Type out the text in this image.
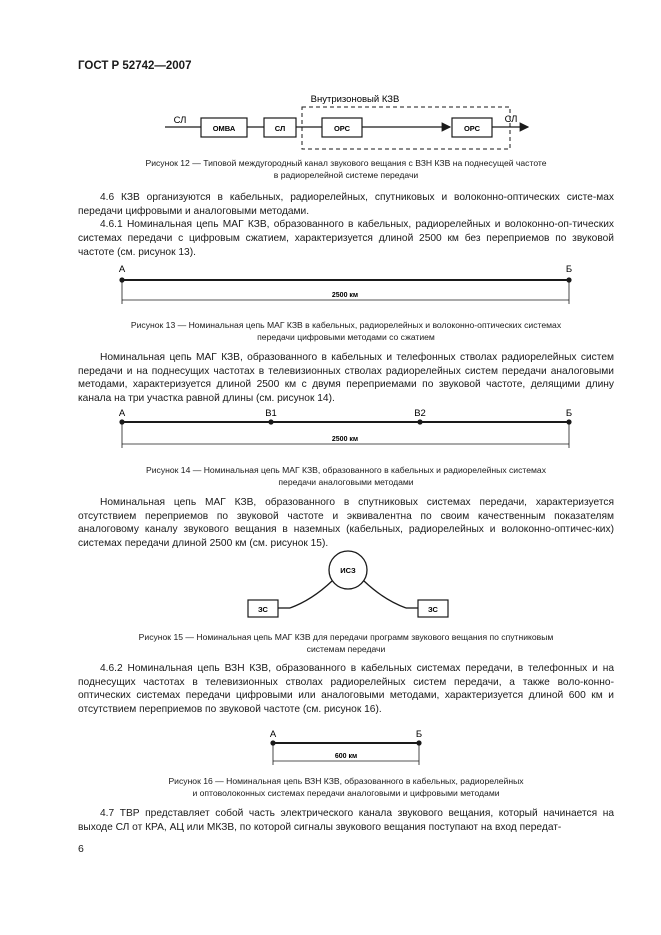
ГОСТ Р 52742—2007
Внутризоновый КЗВ
СЛ
ОМВА	СЛ	ОРС	ОРС
СЛ
Рисунок 12 — Типовой междугородный канал звукового вещания с ВЗН КЗВ на поднесущей частоте
в радиорелейной системе передачи

4.6 КЗВ организуются в кабельных, радиорелейных, спутниковых и волоконно-оптических систе-мах передачи цифровыми и аналоговыми методами.

4.6.1 Номинальная цепь МАГ КЗВ, образованного в кабельных, радиорелейных и волоконно-оп-тических системах передачи с цифровым сжатием, характеризуется длиной 2500 км без переприемов по звуковой частоте (см. рисунок 13).

А	Б
2500 км
Рисунок 13 — Номинальная цепь МАГ КЗВ в кабельных, радиорелейных и волоконно-оптических системах
передачи цифровыми методами со сжатием

Номинальная цепь МАГ КЗВ, образованного в кабельных и телефонных стволах радиорелейных систем передачи и на поднесущих частотах в телевизионных стволах радиорелейных систем передачи аналоговыми методами, характеризуется длиной 2500 км с двумя переприемами по звуковой частоте, делящими длину канала на три участка равной длины (см. рисунок 14).

А	В1	В2	Б
2500 км
Рисунок 14 — Номинальная цепь МАГ КЗВ, образованного в кабельных и радиорелейных системах
передачи аналоговыми методами

Номинальная цепь МАГ КЗВ, образованного в спутниковых системах передачи, характеризуется отсутствием переприемов по звуковой частоте и эквивалентна по своим качественным показателям аналоговому каналу звукового вещания в наземных (кабельных, радиорелейных и волоконно-оптичес-ких) системах передачи длиной 2500 км (см. рисунок 15).

ИСЗ
ЗС	ЗС
Рисунок 15 — Номинальная цепь МАГ КЗВ для передачи программ звукового вещания по спутниковым
системам передачи

4.6.2 Номинальная цепь ВЗН КЗВ, образованного в кабельных системах передачи, в телефонных и на поднесущих частотах в телевизионных стволах радиорелейных систем передачи, а также воло-конно-оптических системах передачи цифровыми или аналоговыми методами, характеризуется длиной 600 км и отсутствием переприемов по звуковой частоте (см. рисунок 16).

А	Б
600 км
Рисунок 16 — Номинальная цепь ВЗН КЗВ, образованного в кабельных, радиорелейных
и оптоволоконных системах передачи аналоговыми и цифровыми методами

4.7 ТВР представляет собой часть электрического канала звукового вещания, который начинается на выходе СЛ от КРА, АЦ или МКЗВ, по которой сигналы звукового вещания поступают на вход передат-

6
